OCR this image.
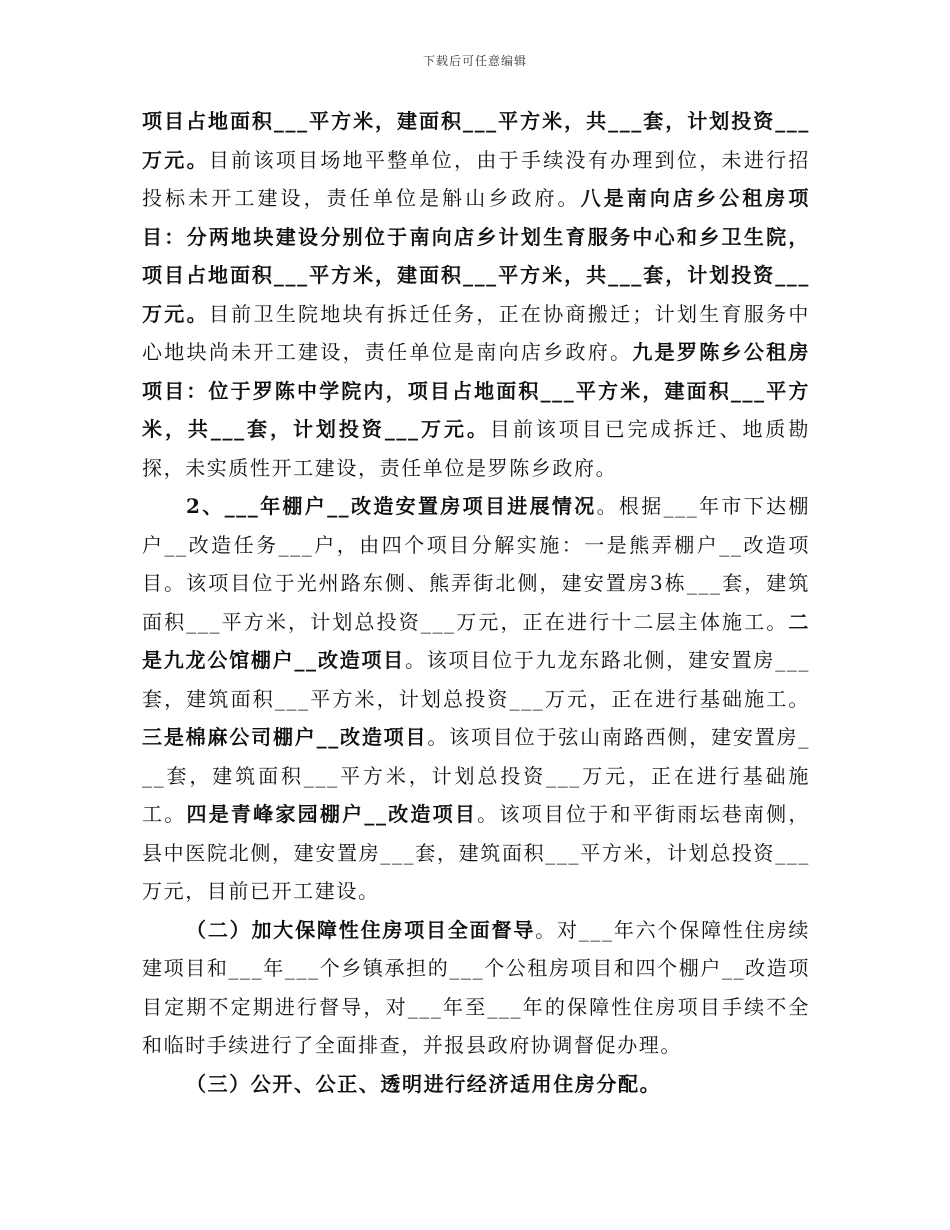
下载后可任意编辑

项目占地面积___平方米，建面积___平方米，共___套，计划投资___万元。目前该项目场地平整单位，由于手续没有办理到位，未进行招投标未开工建设，责任单位是斛山乡政府。八是南向店乡公租房项目：分两地块建设分别位于南向店乡计划生育服务中心和乡卫生院，项目占地面积___平方米，建面积___平方米，共___套，计划投资___万元。目前卫生院地块有拆迁任务，正在协商搬迁；计划生育服务中心地块尚未开工建设，责任单位是南向店乡政府。九是罗陈乡公租房项目：位于罗陈中学院内，项目占地面积___平方米，建面积___平方米，共___套，计划投资___万元。目前该项目已完成拆迁、地质勘探，未实质性开工建设，责任单位是罗陈乡政府。

2、___年棚户__改造安置房项目进展情况。根据___年市下达棚户__改造任务___户，由四个项目分解实施：一是熊弄棚户__改造项目。该项目位于光州路东侧、熊弄街北侧，建安置房3栋___套，建筑面积___平方米，计划总投资___万元，正在进行十二层主体施工。二是九龙公馆棚户__改造项目。该项目位于九龙东路北侧，建安置房___套，建筑面积___平方米，计划总投资___万元，正在进行基础施工。三是棉麻公司棚户__改造项目。该项目位于弦山南路西侧，建安置房___套，建筑面积___平方米，计划总投资___万元，正在进行基础施工。四是青峰家园棚户__改造项目。该项目位于和平街雨坛巷南侧，县中医院北侧，建安置房___套，建筑面积___平方米，计划总投资___万元，目前已开工建设。

（二）加大保障性住房项目全面督导。对___年六个保障性住房续建项目和___年___个乡镇承担的___个公租房项目和四个棚户__改造项目定期不定期进行督导，对___年至___年的保障性住房项目手续不全和临时手续进行了全面排查，并报县政府协调督促办理。

（三）公开、公正、透明进行经济适用住房分配。
